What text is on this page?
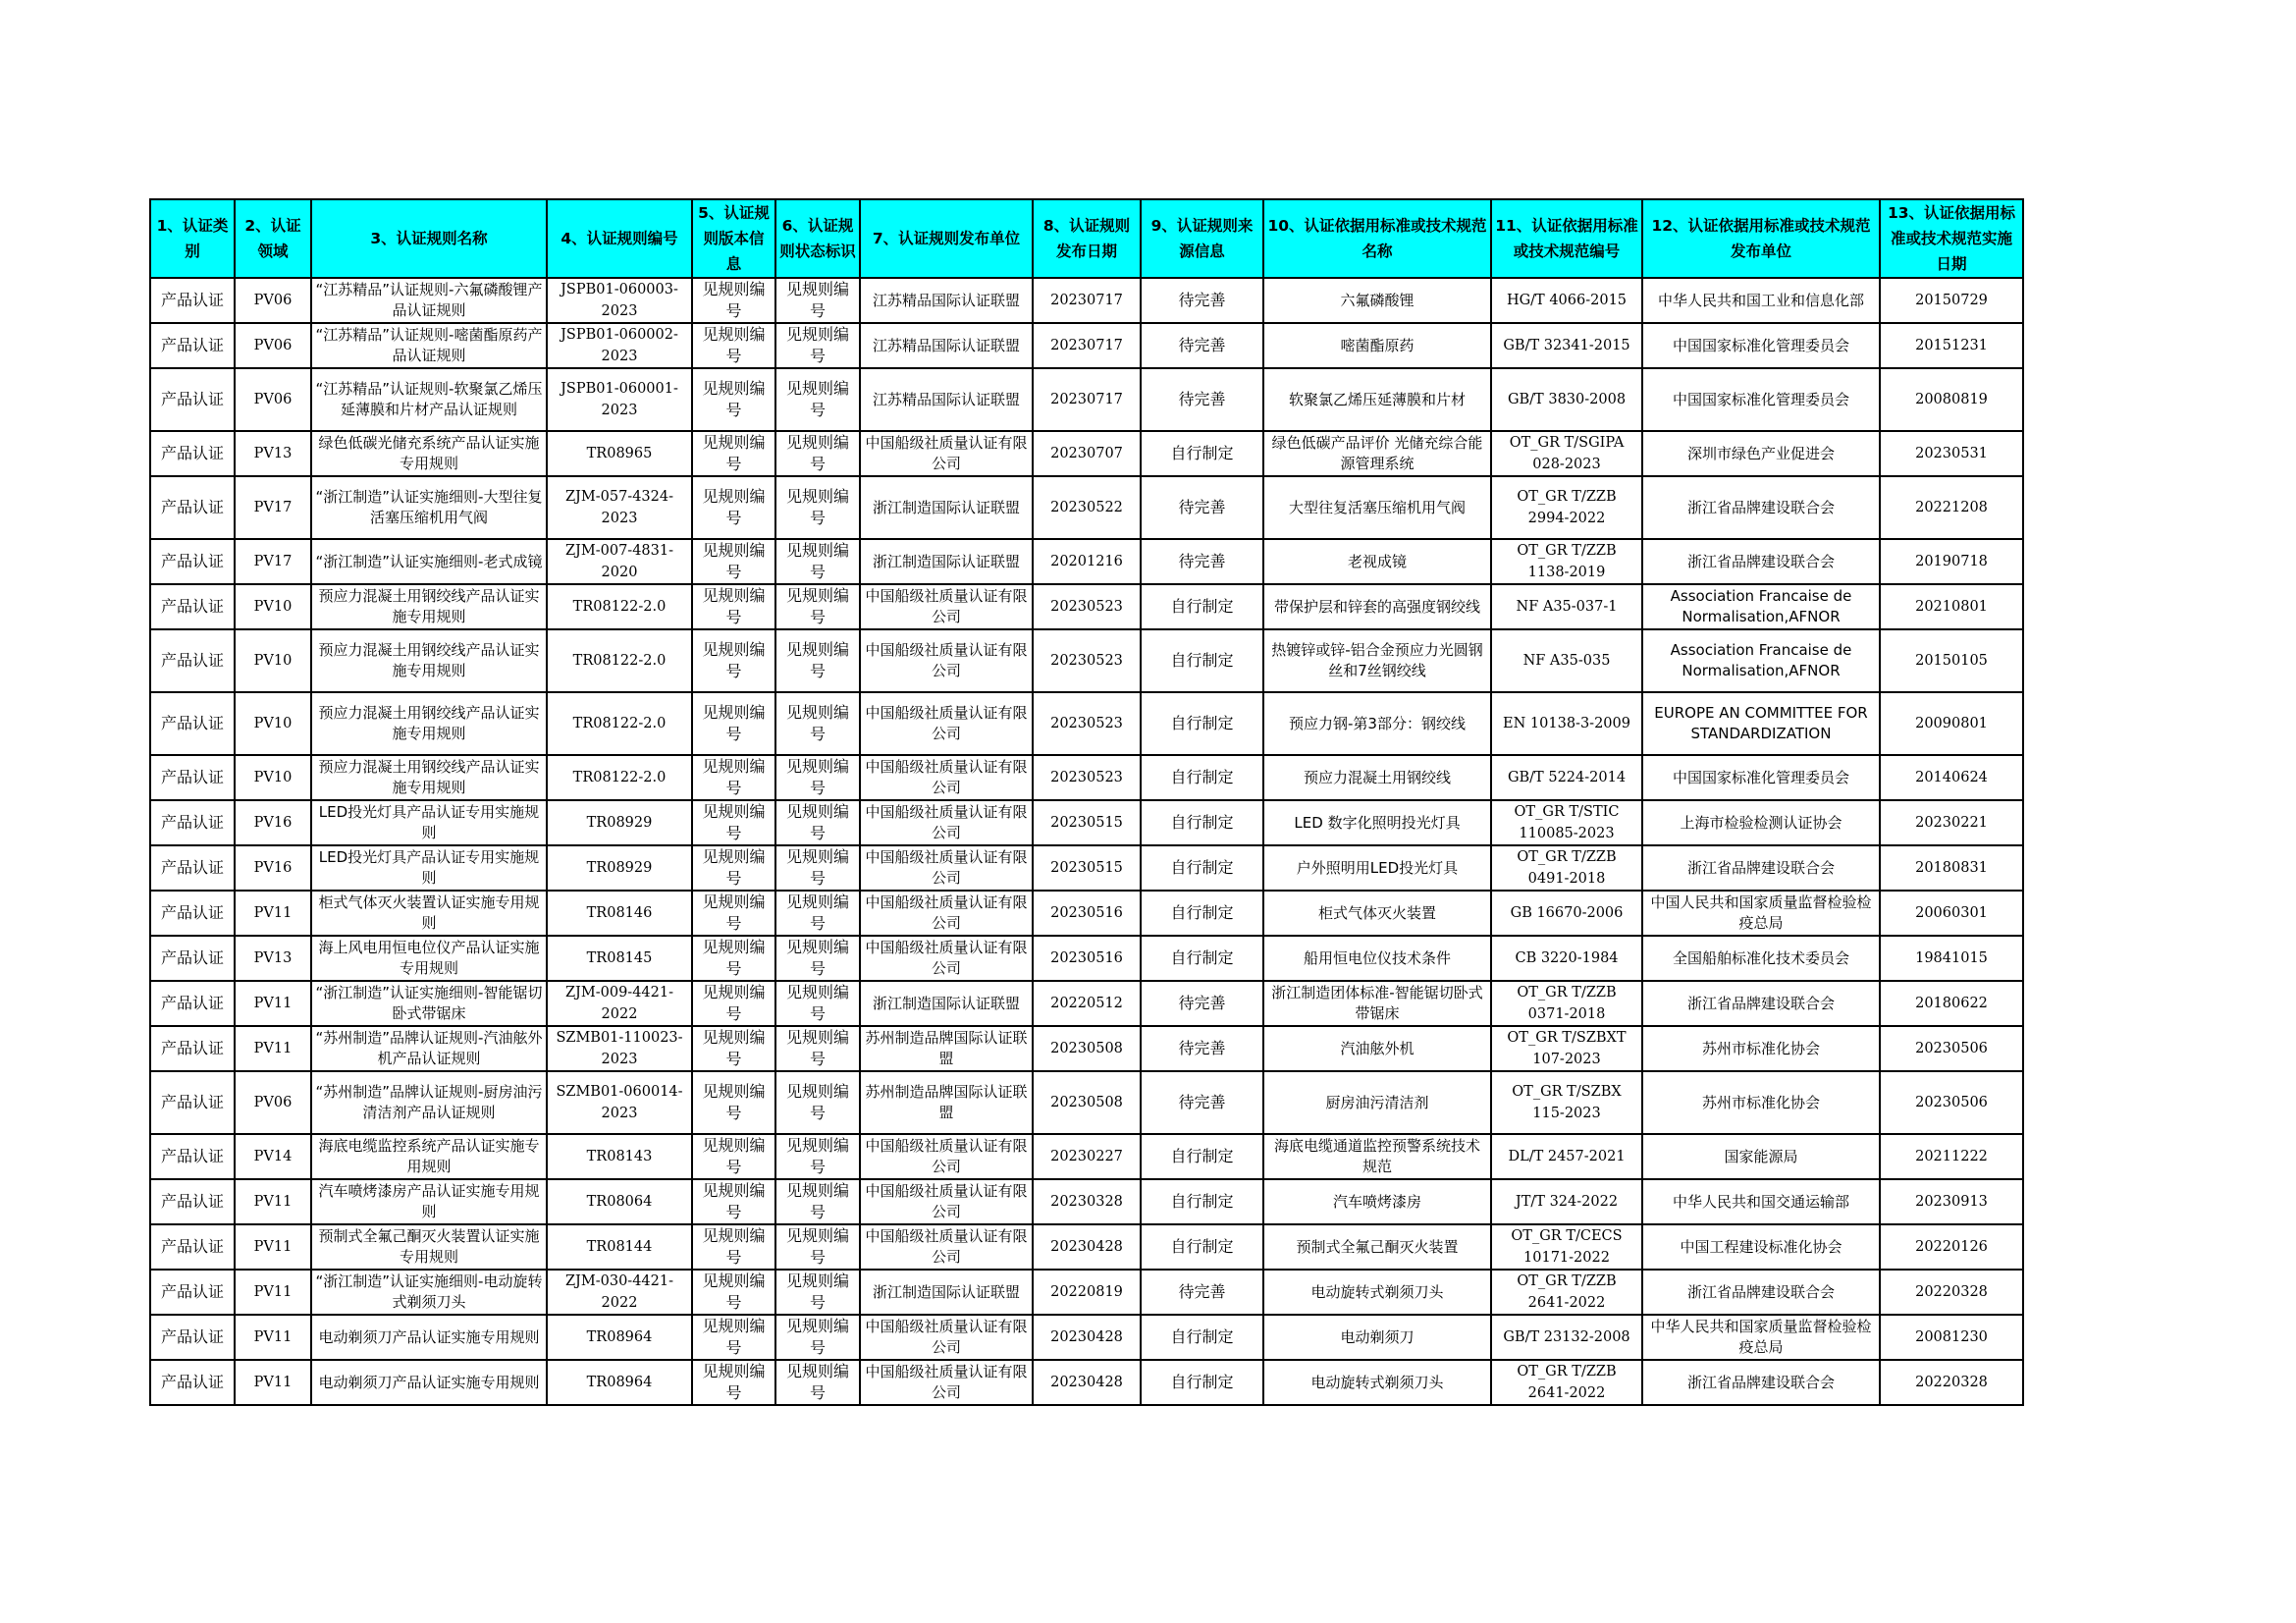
1、认证类别	2、认证领域	3、认证规则名称	4、认证规则编号	5、认证规则版本信息	6、认证规则状态标识	7、认证规则发布单位	8、认证规则发布日期	9、认证规则来源信息	10、认证依据用标准或技术规范名称	11、认证依据用标准或技术规范编号	12、认证依据用标准或技术规范发布单位	13、认证依据用标准或技术规范实施日期
产品认证	PV06	“江苏精品”认证规则-六氟磷酸锂产品认证规则	JSPB01-060003-2023	见规则编号	见规则编号	江苏精品国际认证联盟	20230717	待完善	六氟磷酸锂	HG/T 4066-2015	中华人民共和国工业和信息化部	20150729
产品认证	PV06	“江苏精品”认证规则-嘧菌酯原药产品认证规则	JSPB01-060002-2023	见规则编号	见规则编号	江苏精品国际认证联盟	20230717	待完善	嘧菌酯原药	GB/T 32341-2015	中国国家标准化管理委员会	20151231
产品认证	PV06	“江苏精品”认证规则-软聚氯乙烯压延薄膜和片材产品认证规则	JSPB01-060001-2023	见规则编号	见规则编号	江苏精品国际认证联盟	20230717	待完善	软聚氯乙烯压延薄膜和片材	GB/T 3830-2008	中国国家标准化管理委员会	20080819
产品认证	PV13	绿色低碳光储充系统产品认证实施专用规则	TR08965	见规则编号	见规则编号	中国船级社质量认证有限公司	20230707	自行制定	绿色低碳产品评价 光储充综合能源管理系统	OT_GR T/SGIPA 028-2023	深圳市绿色产业促进会	20230531
产品认证	PV17	“浙江制造”认证实施细则-大型往复活塞压缩机用气阀	ZJM-057-4324-2023	见规则编号	见规则编号	浙江制造国际认证联盟	20230522	待完善	大型往复活塞压缩机用气阀	OT_GR T/ZZB 2994-2022	浙江省品牌建设联合会	20221208
产品认证	PV17	“浙江制造”认证实施细则-老式成镜	ZJM-007-4831-2020	见规则编号	见规则编号	浙江制造国际认证联盟	20201216	待完善	老视成镜	OT_GR T/ZZB 1138-2019	浙江省品牌建设联合会	20190718
产品认证	PV10	预应力混凝土用钢绞线产品认证实施专用规则	TR08122-2.0	见规则编号	见规则编号	中国船级社质量认证有限公司	20230523	自行制定	带保护层和锌套的高强度钢绞线	NF A35-037-1	Association Francaise de Normalisation,AFNOR	20210801
产品认证	PV10	预应力混凝土用钢绞线产品认证实施专用规则	TR08122-2.0	见规则编号	见规则编号	中国船级社质量认证有限公司	20230523	自行制定	热镀锌或锌-铝合金预应力光圆钢丝和7丝钢绞线	NF A35-035	Association Francaise de Normalisation,AFNOR	20150105
产品认证	PV10	预应力混凝土用钢绞线产品认证实施专用规则	TR08122-2.0	见规则编号	见规则编号	中国船级社质量认证有限公司	20230523	自行制定	预应力钢-第3部分：钢绞线	EN 10138-3-2009	EUROPE AN COMMITTEE FOR STANDARDIZATION	20090801
产品认证	PV10	预应力混凝土用钢绞线产品认证实施专用规则	TR08122-2.0	见规则编号	见规则编号	中国船级社质量认证有限公司	20230523	自行制定	预应力混凝土用钢绞线	GB/T 5224-2014	中国国家标准化管理委员会	20140624
产品认证	PV16	LED投光灯具产品认证专用实施规则	TR08929	见规则编号	见规则编号	中国船级社质量认证有限公司	20230515	自行制定	LED 数字化照明投光灯具	OT_GR T/STIC 110085-2023	上海市检验检测认证协会	20230221
产品认证	PV16	LED投光灯具产品认证专用实施规则	TR08929	见规则编号	见规则编号	中国船级社质量认证有限公司	20230515	自行制定	户外照明用LED投光灯具	OT_GR T/ZZB 0491-2018	浙江省品牌建设联合会	20180831
产品认证	PV11	柜式气体灭火装置认证实施专用规则	TR08146	见规则编号	见规则编号	中国船级社质量认证有限公司	20230516	自行制定	柜式气体灭火装置	GB 16670-2006	中国人民共和国家质量监督检验检疫总局	20060301
产品认证	PV13	海上风电用恒电位仪产品认证实施专用规则	TR08145	见规则编号	见规则编号	中国船级社质量认证有限公司	20230516	自行制定	船用恒电位仪技术条件	CB 3220-1984	全国船舶标准化技术委员会	19841015
产品认证	PV11	“浙江制造”认证实施细则-智能锯切卧式带锯床	ZJM-009-4421-2022	见规则编号	见规则编号	浙江制造国际认证联盟	20220512	待完善	浙江制造团体标准-智能锯切卧式带锯床	OT_GR T/ZZB 0371-2018	浙江省品牌建设联合会	20180622
产品认证	PV11	“苏州制造”品牌认证规则-汽油舷外机产品认证规则	SZMB01-110023-2023	见规则编号	见规则编号	苏州制造品牌国际认证联盟	20230508	待完善	汽油舷外机	OT_GR T/SZBXT 107-2023	苏州市标准化协会	20230506
产品认证	PV06	“苏州制造”品牌认证规则-厨房油污清洁剂产品认证规则	SZMB01-060014-2023	见规则编号	见规则编号	苏州制造品牌国际认证联盟	20230508	待完善	厨房油污清洁剂	OT_GR T/SZBX 115-2023	苏州市标准化协会	20230506
产品认证	PV14	海底电缆监控系统产品认证实施专用规则	TR08143	见规则编号	见规则编号	中国船级社质量认证有限公司	20230227	自行制定	海底电缆通道监控预警系统技术规范	DL/T 2457-2021	国家能源局	20211222
产品认证	PV11	汽车喷烤漆房产品认证实施专用规则	TR08064	见规则编号	见规则编号	中国船级社质量认证有限公司	20230328	自行制定	汽车喷烤漆房	JT/T 324-2022	中华人民共和国交通运输部	20230913
产品认证	PV11	预制式全氟己酮灭火装置认证实施专用规则	TR08144	见规则编号	见规则编号	中国船级社质量认证有限公司	20230428	自行制定	预制式全氟己酮灭火装置	OT_GR T/CECS 10171-2022	中国工程建设标准化协会	20220126
产品认证	PV11	“浙江制造”认证实施细则-电动旋转式剃须刀头	ZJM-030-4421-2022	见规则编号	见规则编号	浙江制造国际认证联盟	20220819	待完善	电动旋转式剃须刀头	OT_GR T/ZZB 2641-2022	浙江省品牌建设联合会	20220328
产品认证	PV11	电动剃须刀产品认证实施专用规则	TR08964	见规则编号	见规则编号	中国船级社质量认证有限公司	20230428	自行制定	电动剃须刀	GB/T 23132-2008	中华人民共和国家质量监督检验检疫总局	20081230
产品认证	PV11	电动剃须刀产品认证实施专用规则	TR08964	见规则编号	见规则编号	中国船级社质量认证有限公司	20230428	自行制定	电动旋转式剃须刀头	OT_GR T/ZZB 2641-2022	浙江省品牌建设联合会	20220328
